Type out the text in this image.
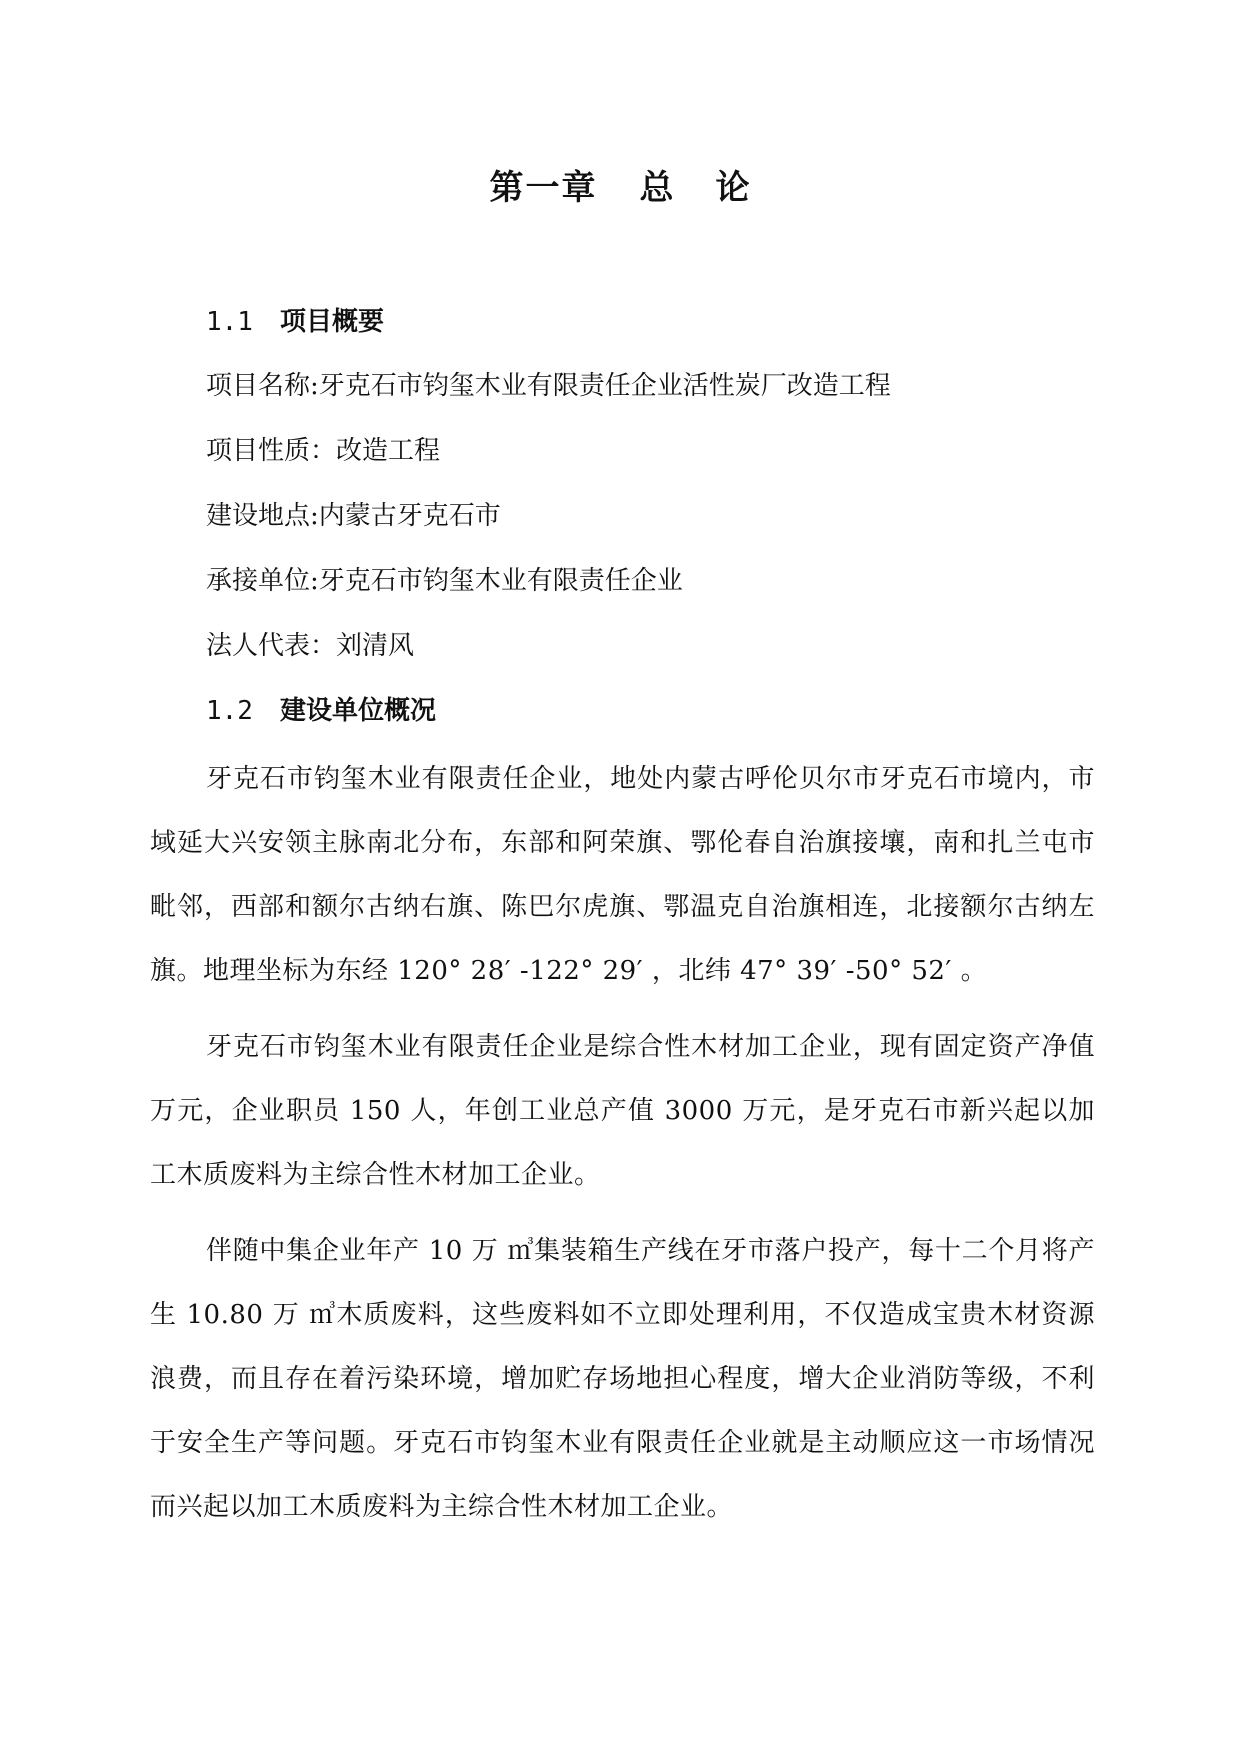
第一章 总 论
1.1 项目概要
项目名称:牙克石市钧玺木业有限责任企业活性炭厂改造工程
项目性质：改造工程
建设地点:内蒙古牙克石市
承接单位:牙克石市钧玺木业有限责任企业
法人代表：刘清风
1.2 建设单位概况

牙克石市钧玺木业有限责任企业，地处内蒙古呼伦贝尔市牙克石市境内，市域延大兴安领主脉南北分布，东部和阿荣旗、鄂伦春自治旗接壤，南和扎兰屯市毗邻，西部和额尔古纳右旗、陈巴尔虎旗、鄂温克自治旗相连，北接额尔古纳左旗。地理坐标为东经 120° 28′ -122° 29′ ，北纬 47° 39′ -50° 52′ 。

牙克石市钧玺木业有限责任企业是综合性木材加工企业，现有固定资产净值万元，企业职员 150 人，年创工业总产值 3000 万元，是牙克石市新兴起以加工木质废料为主综合性木材加工企业。

伴随中集企业年产 10 万 ㎥集装箱生产线在牙市落户投产，每十二个月将产生 10.80 万 ㎥木质废料，这些废料如不立即处理利用，不仅造成宝贵木材资源浪费，而且存在着污染环境，增加贮存场地担心程度，增大企业消防等级，不利于安全生产等问题。牙克石市钧玺木业有限责任企业就是主动顺应这一市场情况而兴起以加工木质废料为主综合性木材加工企业。
